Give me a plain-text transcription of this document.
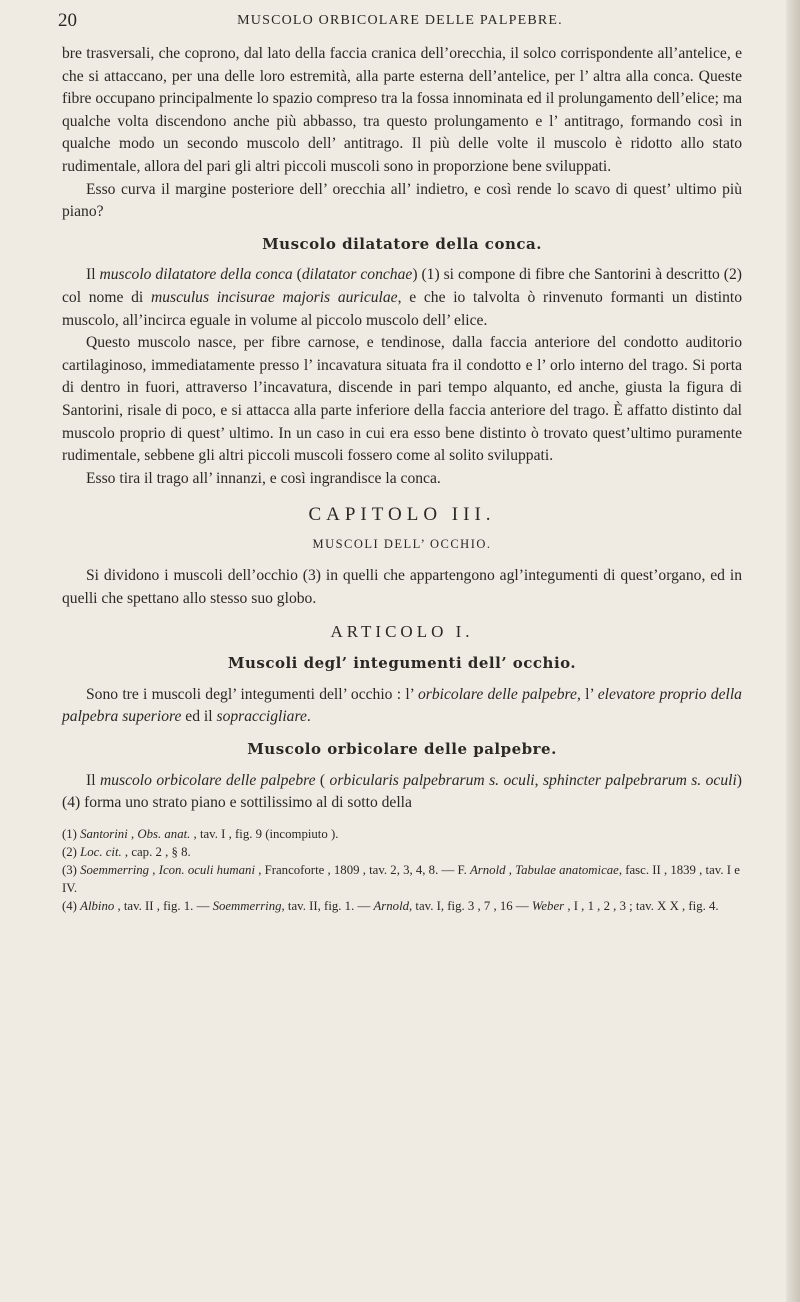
20	MUSCOLO ORBICOLARE DELLE PALPEBRE.

bre trasversali, che coprono, dal lato della faccia cranica dell’orecchia, il solco corrispondente all’antelice, e che si attaccano, per una delle loro estremità, alla parte esterna dell’antelice, per l’ altra alla conca. Queste fibre occupano principalmente lo spazio compreso tra la fossa innominata ed il prolungamento dell’elice; ma qualche volta discendono anche più abbasso, tra questo prolungamento e l’ antitrago, formando così in qualche modo un secondo muscolo dell’ antitrago. Il più delle volte il muscolo è ridotto allo stato rudimentale, allora del pari gli altri piccoli muscoli sono in proporzione bene sviluppati.

Esso curva il margine posteriore dell’ orecchia all’ indietro, e così rende lo scavo di quest’ ultimo più piano?

Muscolo dilatatore della conca.

Il muscolo dilatatore della conca (dilatator conchae) (1) si compone di fibre che Santorini à descritto (2) col nome di musculus incisurae majoris auriculae, e che io talvolta ò rinvenuto formanti un distinto muscolo, all’incirca eguale in volume al piccolo muscolo dell’ elice.

Questo muscolo nasce, per fibre carnose, e tendinose, dalla faccia anteriore del condotto auditorio cartilaginoso, immediatamente presso l’ incavatura situata fra il condotto e l’ orlo interno del trago. Si porta di dentro in fuori, attraverso l’incavatura, discende in pari tempo alquanto, ed anche, giusta la figura di Santorini, risale di poco, e si attacca alla parte inferiore della faccia anteriore del trago. È affatto distinto dal muscolo proprio di quest’ ultimo. In un caso in cui era esso bene distinto ò trovato quest’ultimo puramente rudimentale, sebbene gli altri piccoli muscoli fossero come al solito sviluppati.

Esso tira il trago all’ innanzi, e così ingrandisce la conca.

CAPITOLO III.
MUSCOLI DELL’ OCCHIO.

Si dividono i muscoli dell’occhio (3) in quelli che appartengono agl’integumenti di quest’organo, ed in quelli che spettano allo stesso suo globo.

ARTICOLO I.
Muscoli degl’ integumenti dell’ occhio.

Sono tre i muscoli degl’ integumenti dell’ occhio : l’ orbicolare delle palpebre, l’ elevatore proprio della palpebra superiore ed il sopraccigliare.

Muscolo orbicolare delle palpebre.

Il muscolo orbicolare delle palpebre ( orbicularis palpebrarum s. oculi, sphincter palpebrarum s. oculi) (4) forma uno strato piano e sottilissimo al di sotto della

(1) Santorini , Obs. anat. , tav. I , fig. 9 (incompiuto ).
(2) Loc. cit. , cap. 2 , § 8.
(3) Soemmerring , Icon. oculi humani , Francoforte , 1809 , tav. 2, 3, 4, 8. — F. Arnold , Tabulae anatomicae, fasc. II , 1839 , tav. I e IV.
(4) Albino , tav. II , fig. 1. — Soemmerring, tav. II, fig. 1. — Arnold, tav. I, fig. 3 , 7 , 16 — Weber , I , 1 , 2 , 3 ; tav. X X , fig. 4.
